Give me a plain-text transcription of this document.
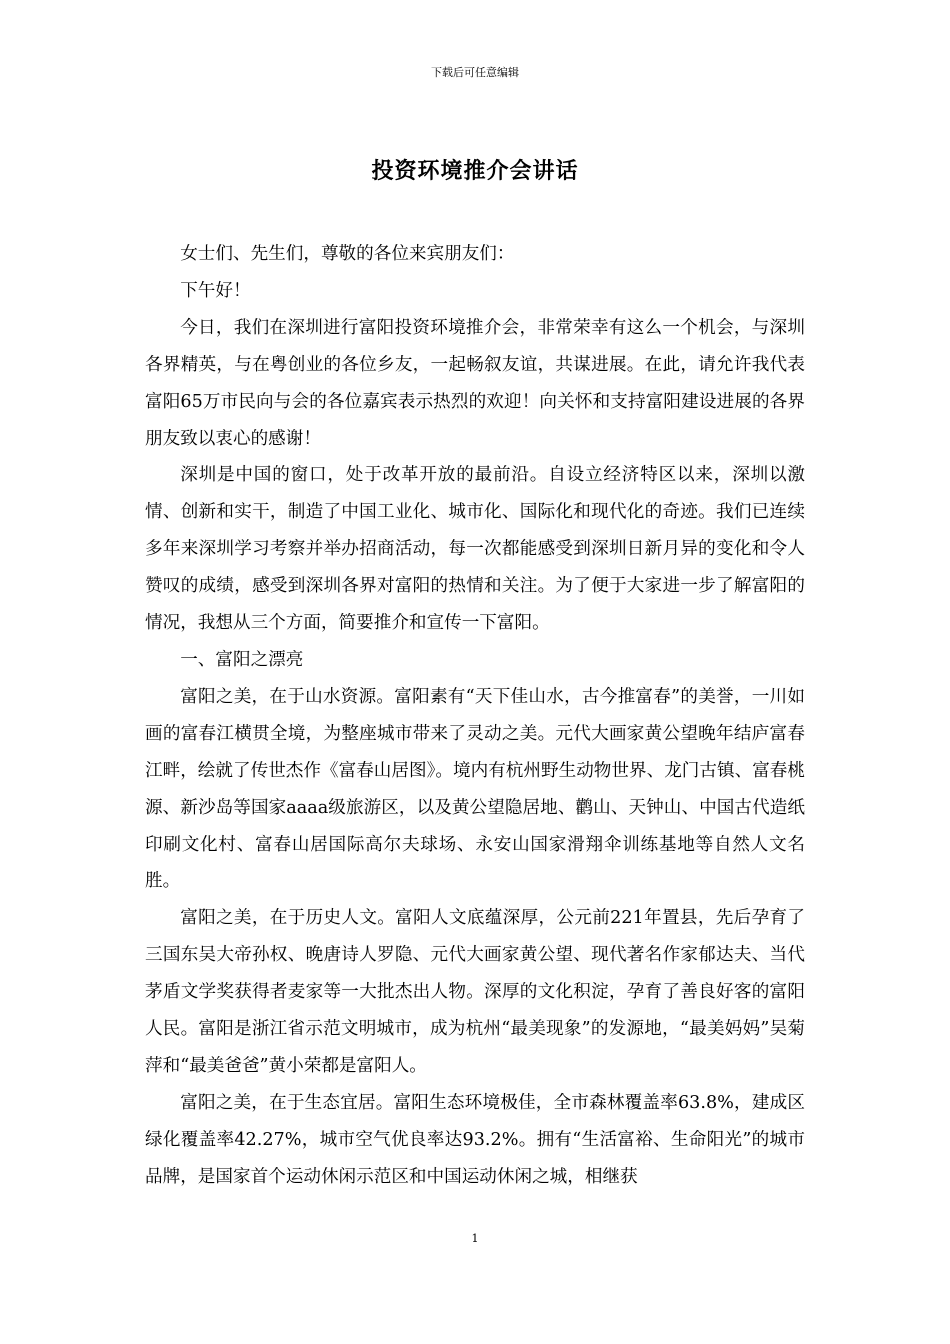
下载后可任意编辑
投资环境推介会讲话

女士们、先生们，尊敬的各位来宾朋友们：

下午好！

今日，我们在深圳进行富阳投资环境推介会，非常荣幸有这么一个机会，与深圳各界精英，与在粤创业的各位乡友，一起畅叙友谊，共谋进展。在此，请允许我代表富阳65万市民向与会的各位嘉宾表示热烈的欢迎！向关怀和支持富阳建设进展的各界朋友致以衷心的感谢！

深圳是中国的窗口，处于改革开放的最前沿。自设立经济特区以来，深圳以激情、创新和实干，制造了中国工业化、城市化、国际化和现代化的奇迹。我们已连续多年来深圳学习考察并举办招商活动，每一次都能感受到深圳日新月异的变化和令人赞叹的成绩，感受到深圳各界对富阳的热情和关注。为了便于大家进一步了解富阳的情况，我想从三个方面，简要推介和宣传一下富阳。

一、富阳之漂亮

富阳之美，在于山水资源。富阳素有“天下佳山水，古今推富春”的美誉，一川如画的富春江横贯全境，为整座城市带来了灵动之美。元代大画家黄公望晚年结庐富春江畔，绘就了传世杰作《富春山居图》。境内有杭州野生动物世界、龙门古镇、富春桃源、新沙岛等国家aaaa级旅游区，以及黄公望隐居地、鹳山、天钟山、中国古代造纸印刷文化村、富春山居国际高尔夫球场、永安山国家滑翔伞训练基地等自然人文名胜。

富阳之美，在于历史人文。富阳人文底蕴深厚，公元前221年置县，先后孕育了三国东吴大帝孙权、晚唐诗人罗隐、元代大画家黄公望、现代著名作家郁达夫、当代茅盾文学奖获得者麦家等一大批杰出人物。深厚的文化积淀，孕育了善良好客的富阳人民。富阳是浙江省示范文明城市，成为杭州“最美现象”的发源地，“最美妈妈”吴菊萍和“最美爸爸”黄小荣都是富阳人。

富阳之美，在于生态宜居。富阳生态环境极佳，全市森林覆盖率63.8%，建成区绿化覆盖率42.27%，城市空气优良率达93.2%。拥有“生活富裕、生命阳光”的城市品牌，是国家首个运动休闲示范区和中国运动休闲之城，相继获

1
